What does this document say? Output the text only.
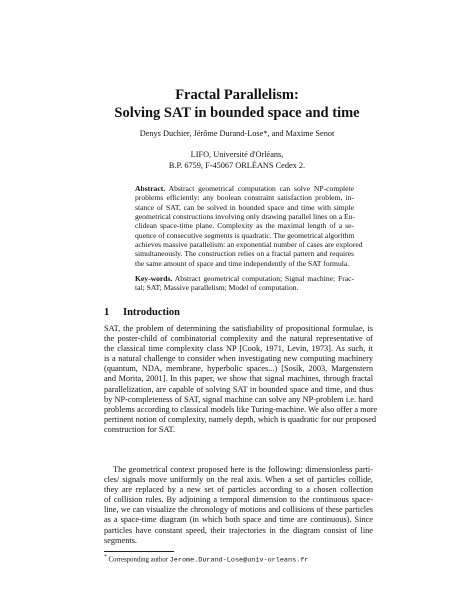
Fractal Parallelism:
Solving SAT in bounded space and time
Denys Duchier, Jérôme Durand-Lose*, and Maxime Senot
LIFO, Université d'Orléans,
B.P. 6759, F-45067 ORLÉANS Cedex 2.
Abstract. Abstract geometrical computation can solve NP-complete
problems efficiently: any boolean constraint satisfaction problem, in-
stance of SAT, can be solved in bounded space and time with simple
geometrical constructions involving only drawing parallel lines on a Eu-
clidean space-time plane. Complexity as the maximal length of a se-
quence of consecutive segments is quadratic. The geometrical algorithm
achieves massive parallelism: an exponential number of cases are explored
simultaneously. The construction relies on a fractal pattern and requires
the same amount of space and time independently of the SAT formula.
Key-words. Abstract geometrical computation; Signal machine; Frac-
tal; SAT; Massive parallelism; Model of computation.
1 Introduction
SAT, the problem of determining the satisfiability of propositional formulae, is
the poster-child of combinatorial complexity and the natural representative of
the classical time complexity class NP [Cook, 1971, Levin, 1973]. As such, it
is a natural challenge to consider when investigating new computing machinery
(quantum, NDA, membrane, hyperbolic spaces...) [Sosík, 2003, Margenstern
and Morita, 2001]. In this paper, we show that signal machines, through fractal
parallelization, are capable of solving SAT in bounded space and time, and thus
by NP-completeness of SAT, signal machine can solve any NP-problem i.e. hard
problems according to classical models like Turing-machine. We also offer a more
pertinent notion of complexity, namely depth, which is quadratic for our proposed
construction for SAT.
The geometrical context proposed here is the following: dimensionless parti-
cles/ signals move uniformly on the real axis. When a set of particles collide,
they are replaced by a new set of particles according to a chosen collection
of collision rules. By adjoining a temporal dimension to the continuous space-
line, we can visualize the chronology of motions and collisions of these particles
as a space-time diagram (in which both space and time are continuous). Since
particles have constant speed, their trajectories in the diagram consist of line
segments.
* Corresponding author Jerome.Durand-Lose@univ-orleans.fr
